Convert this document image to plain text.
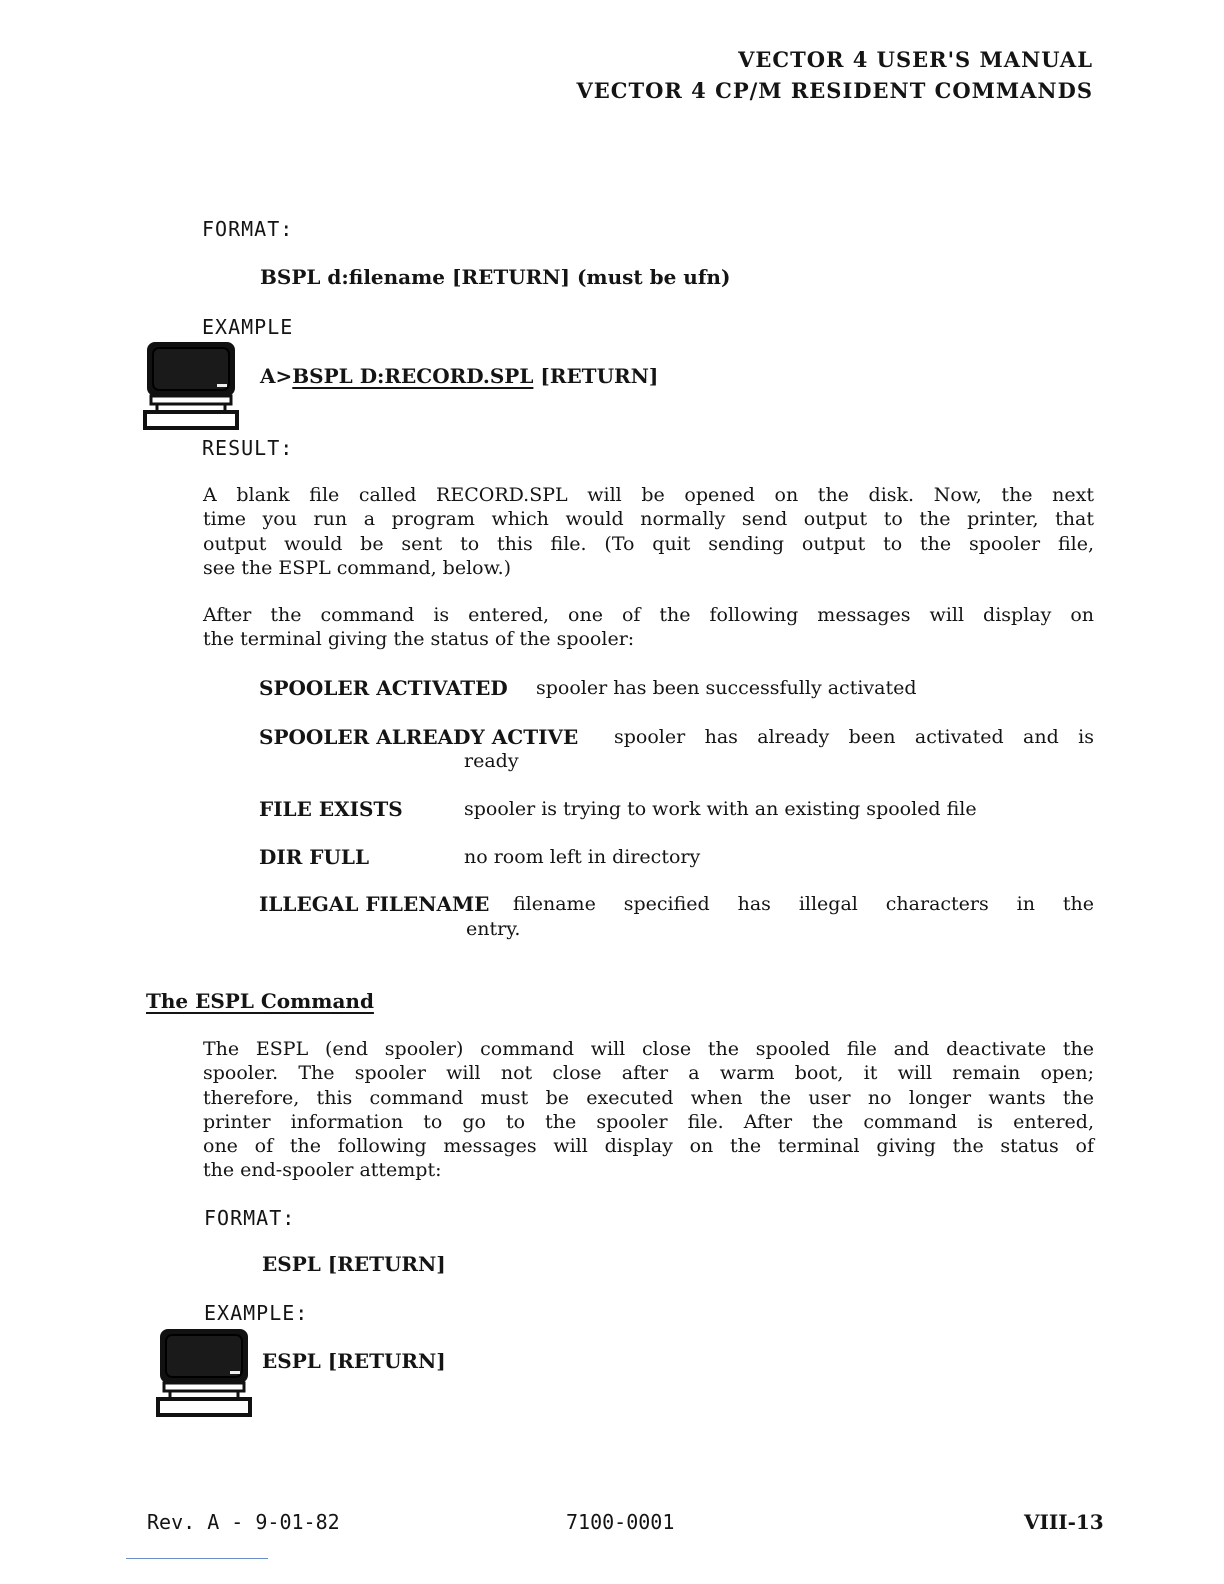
VECTOR 4 USER'S MANUAL
VECTOR 4 CP/M RESIDENT COMMANDS
FORMAT:
BSPL d:filename [RETURN] (must be ufn)
EXAMPLE
A>BSPL D:RECORD.SPL [RETURN]
RESULT:
A blank file called RECORD.SPL will be opened on the disk. Now, the next
time you run a program which would normally send output to the printer, that
output would be sent to this file. (To quit sending output to the spooler file,
see the ESPL command, below.)
After the command is entered, one of the following messages will display on
the terminal giving the status of the spooler:
SPOOLER ACTIVATED spooler has been successfully activated
SPOOLER ALREADY ACTIVE spooler has already been activated and is
ready
FILE EXISTS	spooler is trying to work with an existing spooled file
DIR FULL	no room left in directory
ILLEGAL FILENAME filename specified has illegal characters in the
entry.
The ESPL Command
The ESPL (end spooler) command will close the spooled file and deactivate the
spooler. The spooler will not close after a warm boot, it will remain open;
therefore, this command must be executed when the user no longer wants the
printer information to go to the spooler file. After the command is entered,
one of the following messages will display on the terminal giving the status of
the end-spooler attempt:
FORMAT:
ESPL [RETURN]
EXAMPLE:
ESPL [RETURN]
Rev. A - 9-01-82	7100-0001	VIII-13
